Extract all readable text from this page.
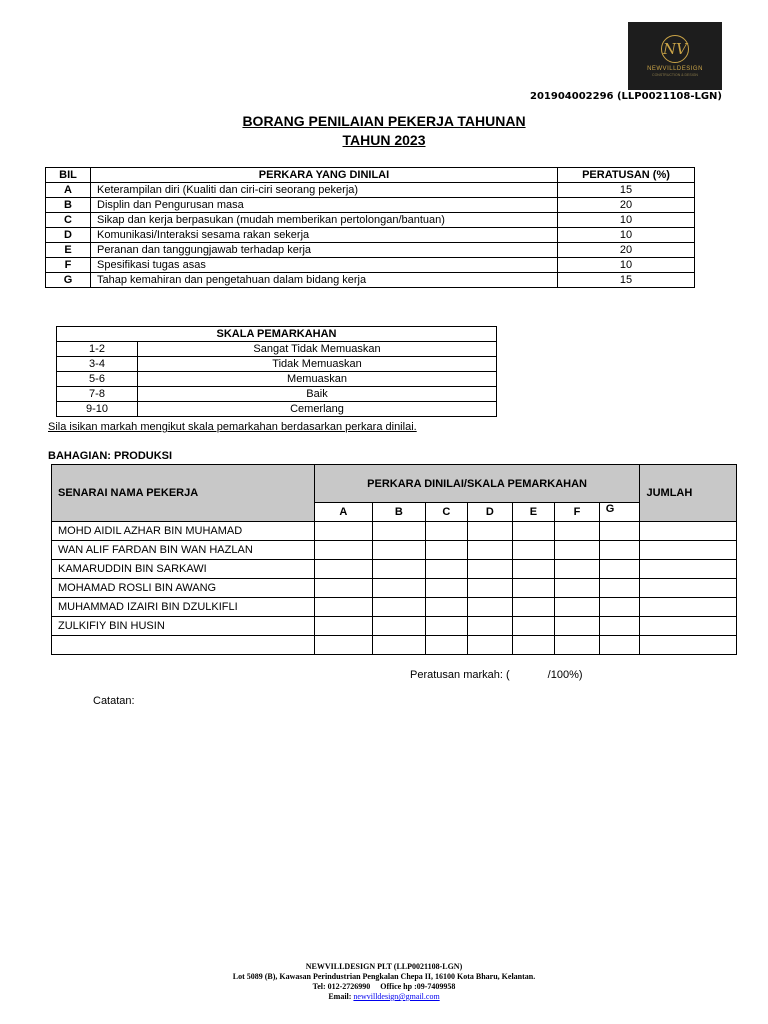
NV
NEWVILLDESIGN
CONSTRUCTION & DESIGN
201904002296 (LLP0021108-LGN)
BORANG PENILAIAN PEKERJA TAHUNAN
TAHUN 2023
BIL	PERKARA YANG DINILAI	PERATUSAN (%)
A	Keterampilan diri (Kualiti dan ciri-ciri seorang pekerja)	15
B	Displin dan Pengurusan masa	20
C	Sikap dan kerja berpasukan (mudah memberikan pertolongan/bantuan)	10
D	Komunikasi/Interaksi sesama rakan sekerja	10
E	Peranan dan tanggungjawab terhadap kerja	20
F	Spesifikasi tugas asas	10
G	Tahap kemahiran dan pengetahuan dalam bidang kerja	15
SKALA PEMARKAHAN	
1-2	Sangat Tidak Memuaskan
3-4	Tidak Memuaskan
5-6	Memuaskan
7-8	Baik
9-10	Cemerlang
Sila isikan markah mengikut skala pemarkahan berdasarkan perkara dinilai.
BAHAGIAN: PRODUKSI
SENARAI NAMA PEKERJA	PERKARA DINILAI/SKALA PEMARKAHAN							JUMLAH
	A	B	C	D	E	F	G	
MOHD AIDIL AZHAR BIN MUHAMAD								
WAN ALIF FARDAN BIN WAN HAZLAN								
KAMARUDDIN BIN SARKAWI								
MOHAMAD ROSLI BIN AWANG								
MUHAMMAD IZAIRI BIN DZULKIFLI								
ZULKIFIY BIN HUSIN								

Peratusan markah: (	/100%)
Catatan:
NEWVILLDESIGN PLT (LLP0021108-LGN)
Lot 5089 (B), Kawasan Perindustrian Pengkalan Chepa II, 16100 Kota Bharu, Kelantan.
Tel: 012-2726990 Office hp :09-7409958
Email: newvilldesign@gmail.com
